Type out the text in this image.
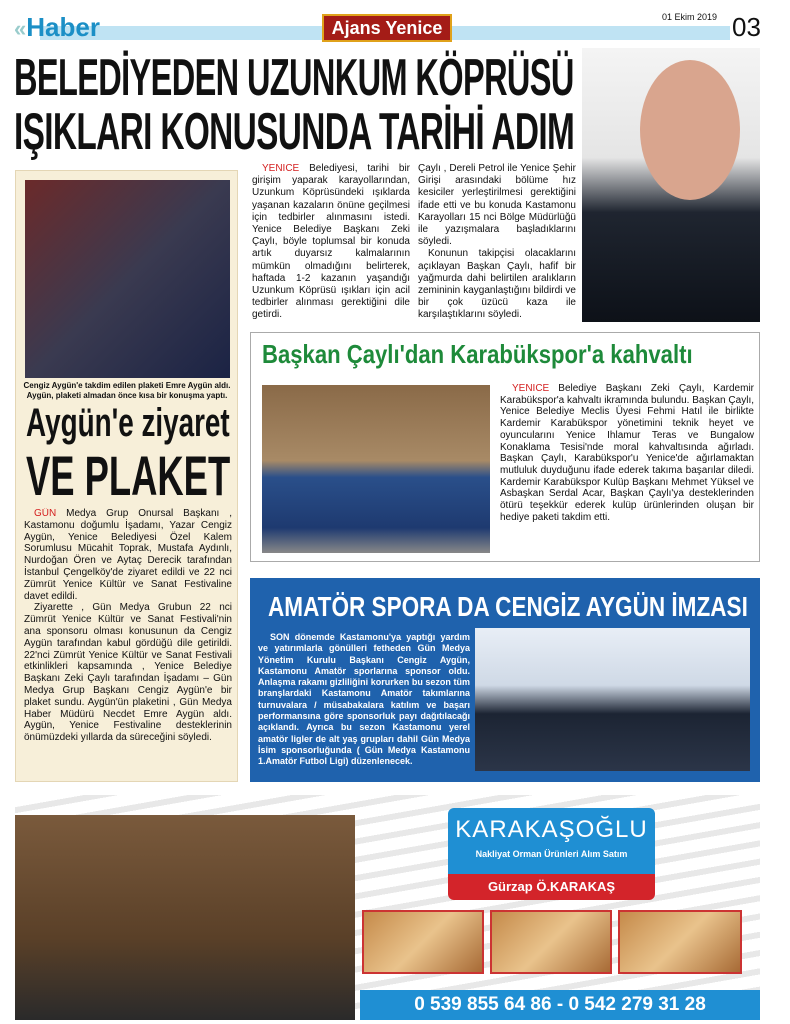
«Haber	Ajans Yenice
01 Ekim 2019 03
BELEDİYEDEN UZUNKUM KÖPRÜSÜ
IŞIKLARI KONUSUNDA TARİHİ ADIM

YENİCE Belediyesi, tarihi bir girişim yaparak karayollarından, Uzunkum Köprüsündeki ışıklarda yaşanan kazaların önüne geçilmesi için tedbirler alınmasını istedi. Yenice Belediye Başkanı Zeki Çaylı, böyle toplumsal bir konuda artık duyarsız kalmalarının mümkün olmadığını belirterek, haftada 1-2 kazanın yaşandığı Uzunkum Köprüsü ışıkları için acil tedbirler alınması gerektiğini dile getirdi.

Çaylı , Dereli Petrol ile Yenice Şehir Girişi arasındaki bölüme hız kesiciler yerleştirilmesi gerektiğini ifade etti ve bu konuda Kastamonu Karayolları 15 nci Bölge Müdürlüğü ile yazışmalara başladıklarını söyledi.

Konunun takipçisi olacaklarını açıklayan Başkan Çaylı, hafif bir yağmurda dahi belirtilen aralıkların zemininin kayganlaştığını bildirdi ve bir çok üzücü kaza ile karşılaştıklarını söyledi.

Cengiz Aygün'e takdim edilen plaketi Emre Aygün aldı. Aygün, plaketi almadan önce kısa bir konuşma yaptı.
Aygün'e ziyaret
VE PLAKET

GÜN Medya Grup Onursal Başkanı , Kastamonu doğumlu İşadamı, Yazar Cengiz Aygün, Yenice Belediyesi Özel Kalem Sorumlusu Mücahit Toprak, Mustafa Aydınlı, Nurdoğan Ören ve Aytaç Derecik tarafından İstanbul Çengelköy'de ziyaret edildi ve 22 nci Zümrüt Yenice Kültür ve Sanat Festivaline davet edildi.

Ziyarette , Gün Medya Grubun 22 nci Zümrüt Yenice Kültür ve Sanat Festivali'nin ana sponsoru olması konusunun da Cengiz Aygün tarafından kabul gördüğü dile getirildi. 22'nci Zümrüt Yenice Kültür ve Sanat Festivali etkinlikleri kapsamında , Yenice Belediye Başkanı Zeki Çaylı tarafından İşadamı – Gün Medya Grup Başkanı Cengiz Aygün'e bir plaket sundu. Aygün'ün plaketini , Gün Medya Haber Müdürü Necdet Emre Aygün aldı. Aygün, Yenice Festivaline desteklerinin önümüzdeki yıllarda da süreceğini söyledi.

Başkan Çaylı'dan Karabükspor'a kahvaltı

YENİCE Belediye Başkanı Zeki Çaylı, Kardemir Karabükspor'a kahvaltı ikramında bulundu. Başkan Çaylı, Yenice Belediye Meclis Üyesi Fehmi Hatıl ile birlikte Kardemir Karabükspor yönetimini teknik heyet ve oyuncularını Yenice Ihlamur Teras ve Bungalow Konaklama Tesisi'nde moral kahvaltısında ağırladı. Başkan Çaylı, Karabükspor'u Yenice'de ağırlamaktan mutluluk duyduğunu ifade ederek takıma başarılar diledi. Kardemir Karabükspor Kulüp Başkanı Mehmet Yüksel ve Asbaşkan Serdal Acar, Başkan Çaylı'ya desteklerinden ötürü teşekkür ederek kulüp ürünlerinden oluşan bir hediye paketi takdim etti.

AMATÖR SPORA DA CENGİZ AYGÜN İMZASI

SON dönemde Kastamonu'ya yaptığı yardım ve yatırımlarla gönülleri fetheden Gün Medya Yönetim Kurulu Başkanı Cengiz Aygün, Kastamonu Amatör sporlarına sponsor oldu. Anlaşma rakamı gizliliğini korurken bu sezon tüm branşlardaki Kastamonu Amatör takımlarına turnuvalara / müsabakalara katılım ve başarı performansına göre sponsorluk payı dağıtılacağı açıklandı. Ayrıca bu sezon Kastamonu yerel amatör ligler de alt yaş grupları dahil Gün Medya İsim sponsorluğunda ( Gün Medya Kastamonu 1.Amatör Futbol Ligi) düzenlenecek.

KARAKAŞOĞLU
Nakliyat Orman Ürünleri Alım Satım
Gürzap Ö.KARAKAŞ
0 539 855 64 86 - 0 542 279 31 28
